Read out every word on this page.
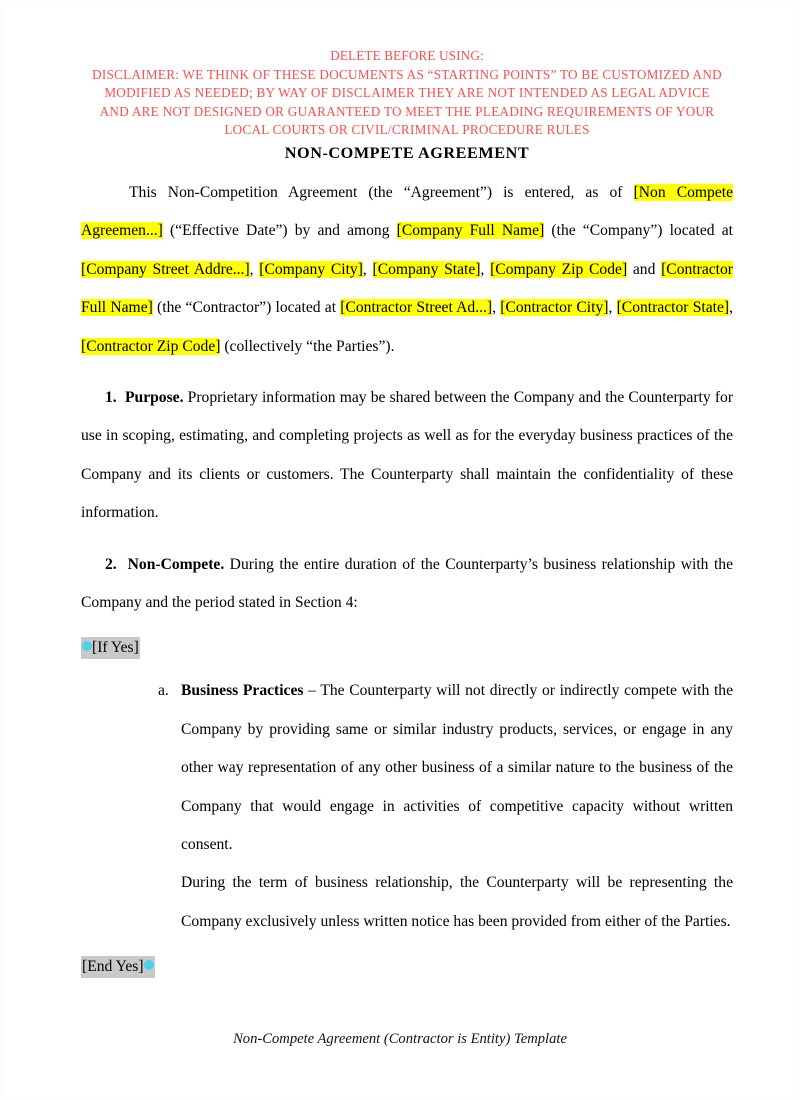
DELETE BEFORE USING:
DISCLAIMER: WE THINK OF THESE DOCUMENTS AS “STARTING POINTS” TO BE CUSTOMIZED AND
MODIFIED AS NEEDED; BY WAY OF DISCLAIMER THEY ARE NOT INTENDED AS LEGAL ADVICE
AND ARE NOT DESIGNED OR GUARANTEED TO MEET THE PLEADING REQUIREMENTS OF YOUR
LOCAL COURTS OR CIVIL/CRIMINAL PROCEDURE RULES
NON-COMPETE AGREEMENT

This Non-Competition Agreement (the “Agreement”) is entered, as of [Non Compete Agreemen...] (“Effective Date”) by and among [Company Full Name] (the “Company”) located at [Company Street Addre...], [Company City], [Company State], [Company Zip Code] and [Contractor Full Name] (the “Contractor”) located at [Contractor Street Ad...], [Contractor City], [Contractor State], [Contractor Zip Code] (collectively “the Parties”).

1. Purpose. Proprietary information may be shared between the Company and the Counterparty for use in scoping, estimating, and completing projects as well as for the everyday business practices of the Company and its clients or customers. The Counterparty shall maintain the confidentiality of these information.

2. Non-Compete. During the entire duration of the Counterparty’s business relationship with the Company and the period stated in Section 4:

[If Yes]
a. Business Practices – The Counterparty will not directly or indirectly compete with the Company by providing same or similar industry products, services, or engage in any other way representation of any other business of a similar nature to the business of the Company that would engage in activities of competitive capacity without written consent.

During the term of business relationship, the Counterparty will be representing the Company exclusively unless written notice has been provided from either of the Parties.

[End Yes]
Non-Compete Agreement (Contractor is Entity) Template
